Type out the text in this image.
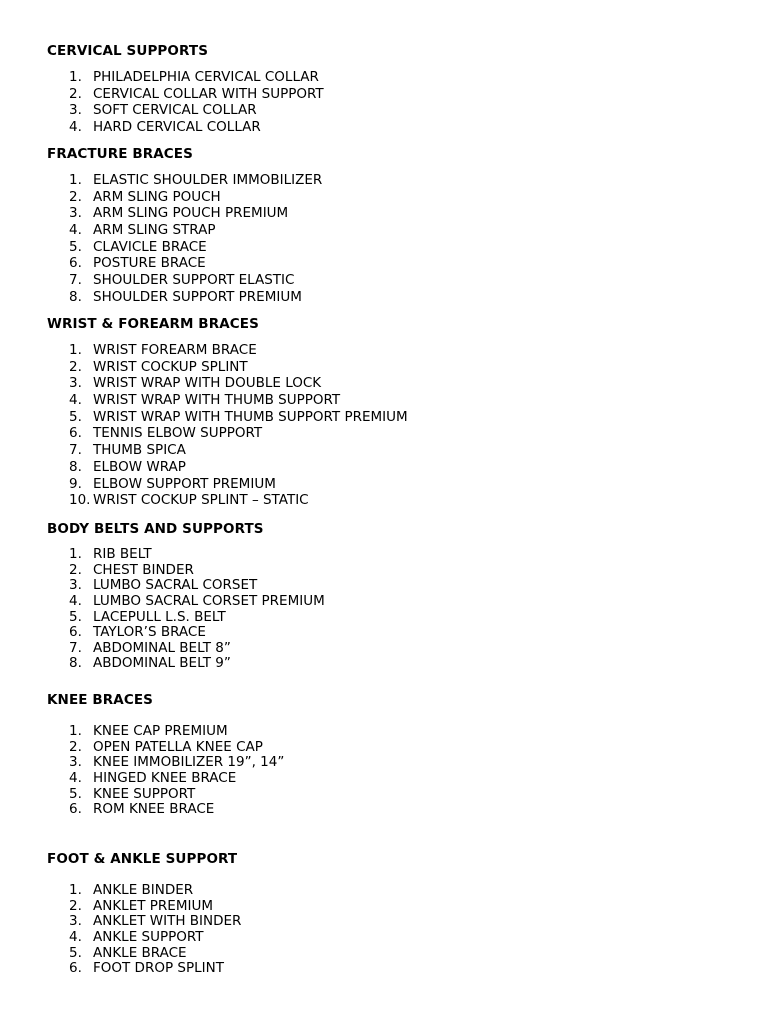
CERVICAL SUPPORTS
1. PHILADELPHIA CERVICAL COLLAR
2. CERVICAL COLLAR WITH SUPPORT
3. SOFT CERVICAL COLLAR
4. HARD CERVICAL COLLAR
FRACTURE BRACES
1. ELASTIC SHOULDER IMMOBILIZER
2. ARM SLING POUCH
3. ARM SLING POUCH PREMIUM
4. ARM SLING STRAP
5. CLAVICLE BRACE
6. POSTURE BRACE
7. SHOULDER SUPPORT ELASTIC
8. SHOULDER SUPPORT PREMIUM
WRIST & FOREARM BRACES
1. WRIST FOREARM BRACE
2. WRIST COCKUP SPLINT
3. WRIST WRAP WITH DOUBLE LOCK
4. WRIST WRAP WITH THUMB SUPPORT
5. WRIST WRAP WITH THUMB SUPPORT PREMIUM
6. TENNIS ELBOW SUPPORT
7. THUMB SPICA
8. ELBOW WRAP
9. ELBOW SUPPORT PREMIUM
10. WRIST COCKUP SPLINT – STATIC
BODY BELTS AND SUPPORTS
1. RIB BELT
2. CHEST BINDER
3. LUMBO SACRAL CORSET
4. LUMBO SACRAL CORSET PREMIUM
5. LACEPULL L.S. BELT
6. TAYLOR’S BRACE
7. ABDOMINAL BELT 8”
8. ABDOMINAL BELT 9”
KNEE BRACES
1. KNEE CAP PREMIUM
2. OPEN PATELLA KNEE CAP
3. KNEE IMMOBILIZER 19”, 14”
4. HINGED KNEE BRACE
5. KNEE SUPPORT
6. ROM KNEE BRACE
FOOT & ANKLE SUPPORT
1. ANKLE BINDER
2. ANKLET PREMIUM
3. ANKLET WITH BINDER
4. ANKLE SUPPORT
5. ANKLE BRACE
6. FOOT DROP SPLINT
